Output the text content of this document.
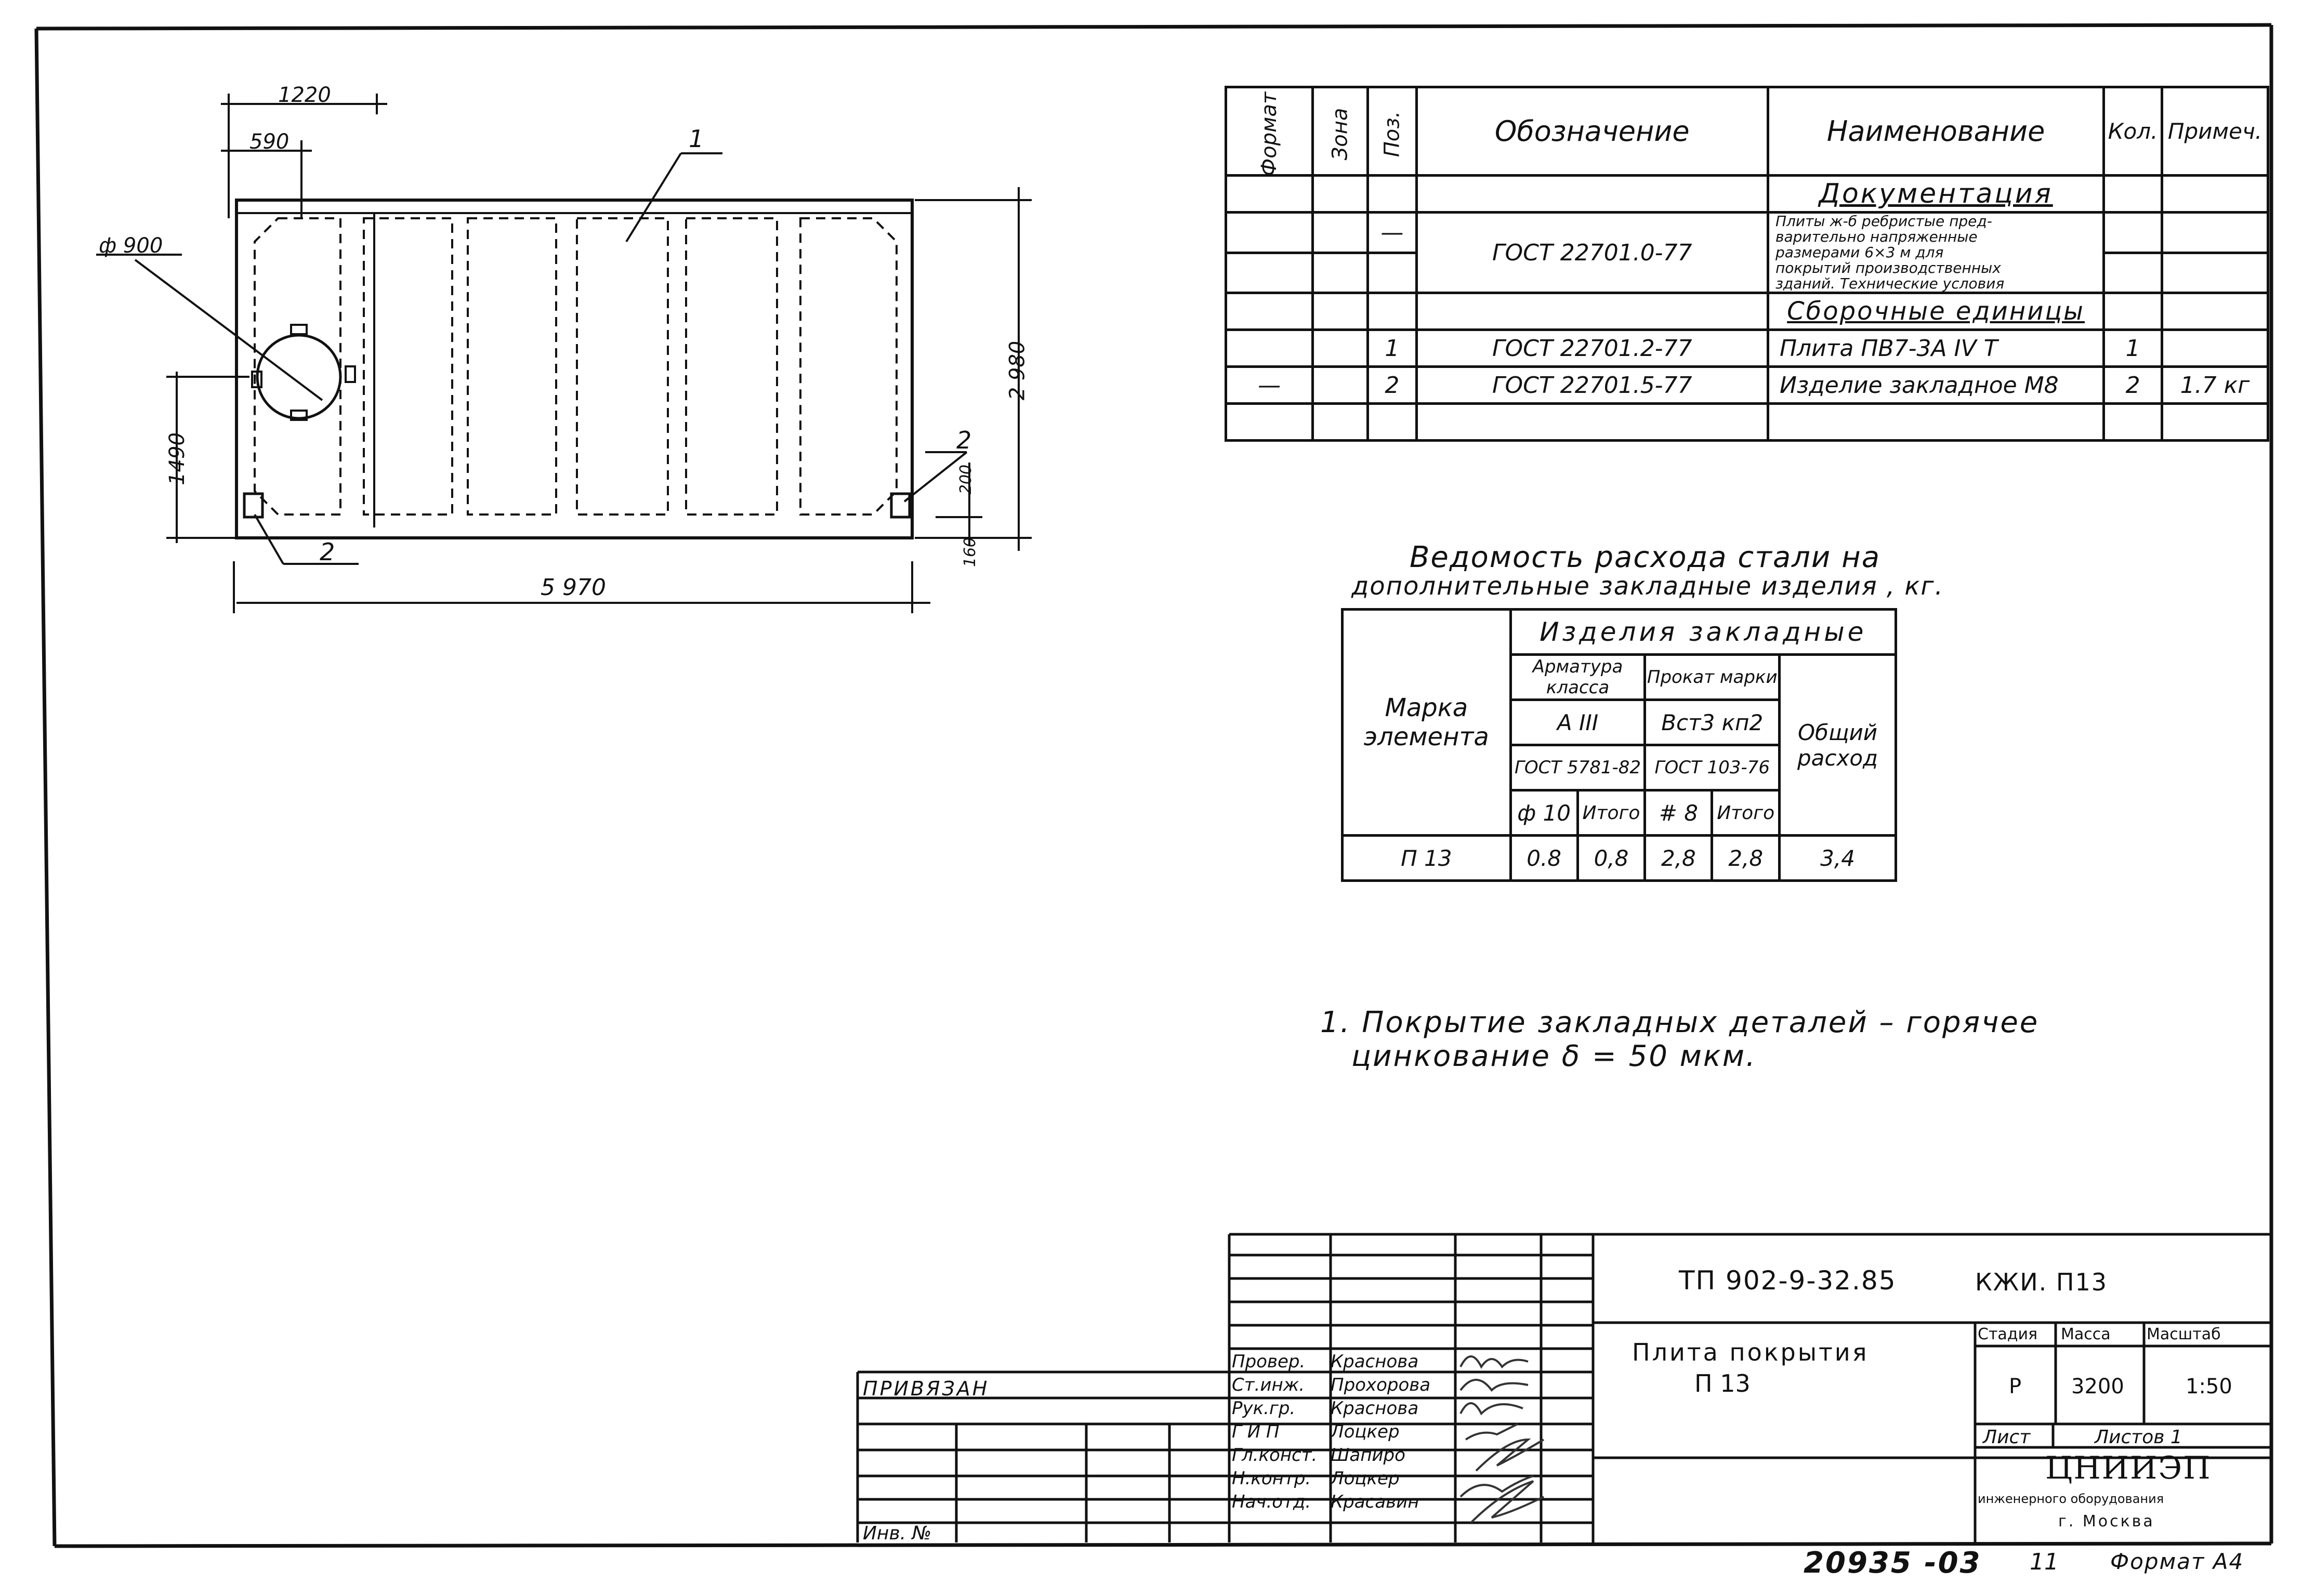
1220
590
ф 900
1490
2 980
5 970
200
160
1
2
2
Формат	Зона	Поз.	Обозначение	Наименование	Кол.	Примеч.
				Документация		
		—	ГОСТ 22701.0-77	Плиты ж-б ребристые пред-
варительно напряженные
размерами 6×3 м для
покрытий производственных
зданий. Технические условия		

				Сборочные единицы		
		1	ГОСТ 22701.2-77	Плита ПВ7-3А IV Т	1	
—		2	ГОСТ 22701.5-77	Изделие закладное М8	2	1.7 кг

Ведомость расхода стали на
дополнительные закладные изделия , кг.
Марка элемента	Изделия закладные				
	Арматура класса		Прокат марки		Общий расход
	A III		Вст3 кп2		
	ГОСТ 5781-82		ГОСТ 103-76		
	ф 10	Итого	# 8	Итого	
П 13	0.8	0,8	2,8	2,8	3,4
1. Покрытие закладных деталей – горячее
цинкование δ = 50 мкм.
ПРИВЯЗАН
Инв. №
Провер. Краснова
Ст.инж. Прохорова
Рук.гр. Краснова
Г И П	Лоцкер
Гл.конст. Шапиро
Н.контр. Лоцкер
Нач.отд. Красавин
ТП 902-9-32.85	КЖИ. П13
Плита покрытия
П 13
Стадия Масса Масштаб
Р 3200	1:50
Лист	Листов 1
ЦНИИЭП
инженерного оборудования
г. Москва
20935 -03 11 Формат А4
